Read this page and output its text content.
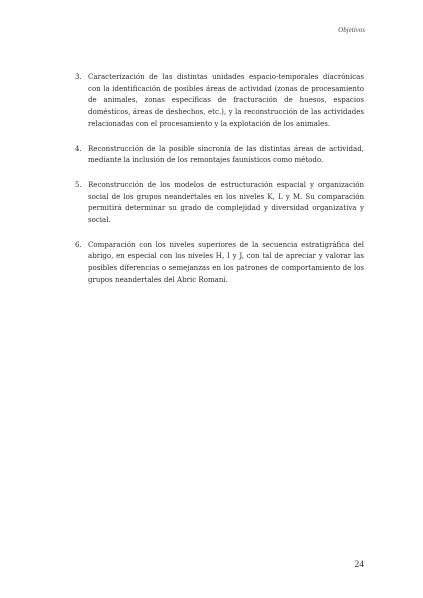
Objetivos
3. Caracterización de las distintas unidades espacio-temporales diacrónicas con la identificación de posibles áreas de actividad (zonas de procesamiento de animales, zonas específicas de fracturación de huesos, espacios domésticos, áreas de deshechos, etc.), y la reconstrucción de las actividades relacionadas con el procesamiento y la explotación de los animales.
4. Reconstrucción de la posible sincronía de las distintas áreas de actividad, mediante la inclusión de los remontajes faunísticos como método.
5. Reconstrucción de los modelos de estructuración espacial y organización social de los grupos neandertales en los niveles K, L y M. Su comparación permitirá determinar su grado de complejidad y diversidad organizativa y social.
6. Comparación con los niveles superiores de la secuencia estratigráfica del abrigo, en especial con los niveles H, I y J, con tal de apreciar y valorar las posibles diferencias o semejanzas en los patrones de comportamiento de los grupos neandertales del Abric Romaní.
24
